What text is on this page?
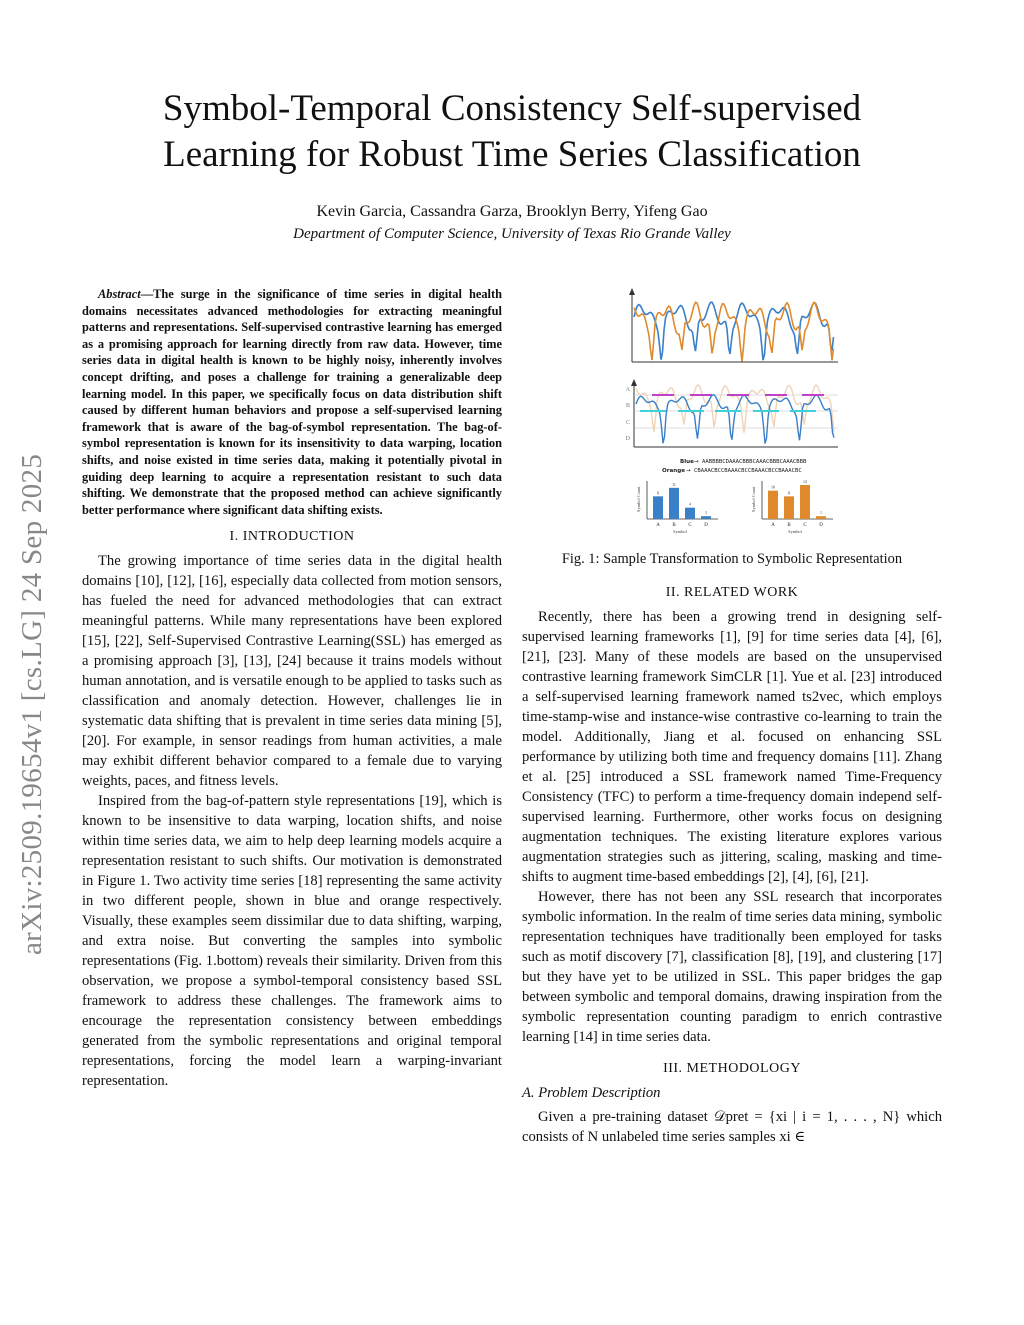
arXiv:2509.19654v1 [cs.LG] 24 Sep 2025
Symbol-Temporal Consistency Self-supervised
Learning for Robust Time Series Classification
Kevin Garcia, Cassandra Garza, Brooklyn Berry, Yifeng Gao
Department of Computer Science, University of Texas Rio Grande Valley

Abstract—The surge in the significance of time series in digital health domains necessitates advanced methodologies for extracting meaningful patterns and representations. Self-supervised contrastive learning has emerged as a promising approach for learning directly from raw data. However, time series data in digital health is known to be highly noisy, inherently involves concept drifting, and poses a challenge for training a generalizable deep learning model. In this paper, we specifically focus on data distribution shift caused by different human behaviors and propose a self-supervised learning framework that is aware of the bag-of-symbol representation. The bag-of-symbol representation is known for its insensitivity to data warping, location shifts, and noise existed in time series data, making it potentially pivotal in guiding deep learning to acquire a representation resistant to such data shifting. We demonstrate that the proposed method can achieve significantly better performance where significant data shifting exists.

I. INTRODUCTION

The growing importance of time series data in the digital health domains [10], [12], [16], especially data collected from motion sensors, has fueled the need for advanced methodologies that can extract meaningful patterns. While many representations have been explored [15], [22], Self-Supervised Contrastive Learning(SSL) has emerged as a promising approach [3], [13], [24] because it trains models without human annotation, and is versatile enough to be applied to tasks such as classification and anomaly detection. However, challenges lie in systematic data shifting that is prevalent in time series data mining [5], [20]. For example, in sensor readings from human activities, a male may exhibit different behavior compared to a female due to varying weights, paces, and fitness levels.

Inspired from the bag-of-pattern style representations [19], which is known to be insensitive to data warping, location shifts, and noise within time series data, we aim to help deep learning models acquire a representation resistant to such shifts. Our motivation is demonstrated in Figure 1. Two activity time series [18] representing the same activity in two different people, shown in blue and orange respectively. Visually, these examples seem dissimilar due to data shifting, warping, and extra noise. But converting the samples into symbolic representations (Fig. 1.bottom) reveals their similarity. Driven from this observation, we propose a symbol-temporal consistency based SSL framework to address these challenges. The framework aims to encourage the representation consistency between embeddings generated from the symbolic representations and original temporal representations, forcing the model learn a warping-invariant representation.

A
B
C
D
Blue → AABBBBCDAAACBBBCAAACBBBCAAACBBB
Orange → CBAAACBCCBAAACBCCBAAACBCCBAAACBC
Symbol Count
Symbol
8
A
11
B
4
C
1
D
Symbol Count
Symbol
10
A
8
B
12
C
1
D
Fig. 1: Sample Transformation to Symbolic Representation
II. RELATED WORK

Recently, there has been a growing trend in designing self-supervised learning frameworks [1], [9] for time series data [4], [6], [21], [23]. Many of these models are based on the unsupervised contrastive learning framework SimCLR [1]. Yue et al. [23] introduced a self-supervised learning framework named ts2vec, which employs time-stamp-wise and instance-wise contrastive co-learning to train the model. Additionally, Jiang et al. focused on enhancing SSL performance by utilizing both time and frequency domains [11]. Zhang et al. [25] introduced a SSL framework named Time-Frequency Consistency (TFC) to perform a time-frequency domain independ self-supervised learning. Furthermore, other works focus on designing augmentation techniques. The existing literature explores various augmentation strategies such as jittering, scaling, masking and time-shifts to augment time-based embeddings [2], [4], [6], [21].

However, there has not been any SSL research that incorporates symbolic information. In the realm of time series data mining, symbolic representation techniques have traditionally been employed for tasks such as motif discovery [7], classification [8], [19], and clustering [17] but they have yet to be utilized in SSL. This paper bridges the gap between symbolic and temporal domains, drawing inspiration from the symbolic representation counting paradigm to enrich contrastive learning [14] in time series data.

III. METHODOLOGY
A. Problem Description

Given a pre-training dataset 𝒟pret = {xi | i = 1, . . . , N} which consists of N unlabeled time series samples xi ∈
